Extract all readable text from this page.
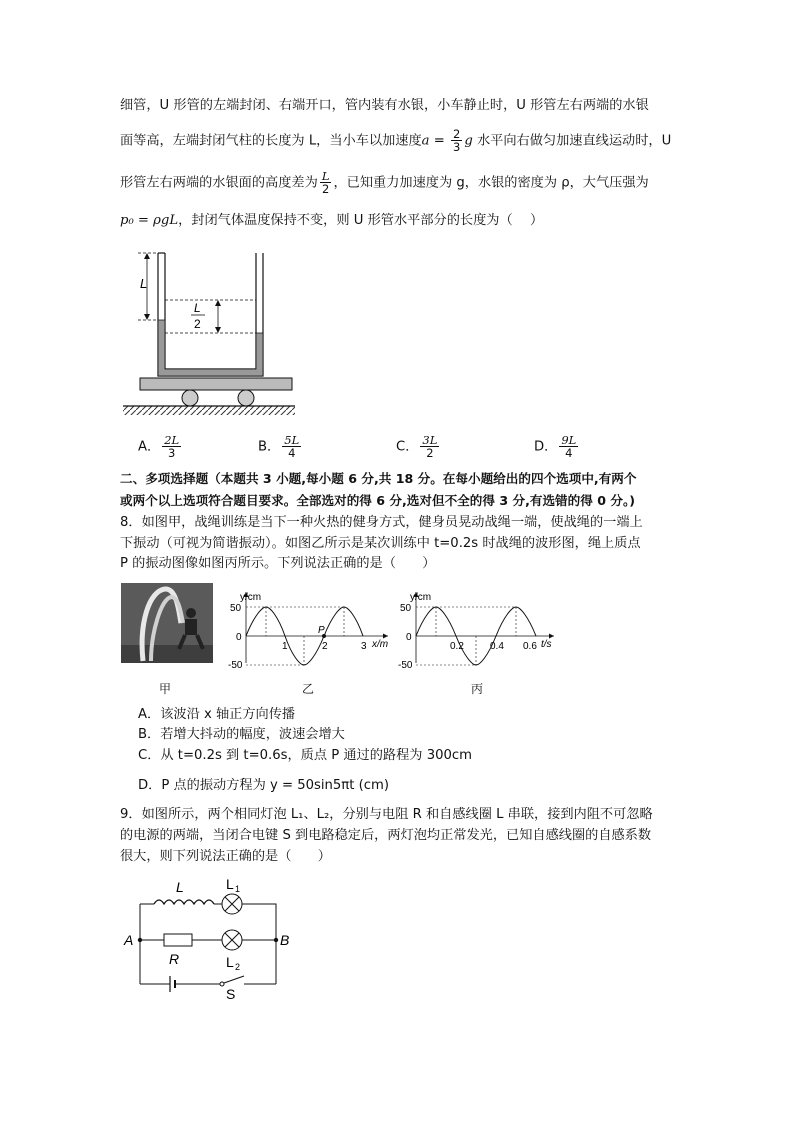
细管，U 形管的左端封闭、右端开口，管内装有水银，小车静止时，U 形管左右两端的水银
面等高，左端封闭气柱的长度为 L，当小车以加速度$a = \frac{2}{3}$ g 水平向右做匀加速直线运动时，U
形管左右两端的水银面的高度差为 $\frac{L}{2}$ ，已知重力加速度为 g，水银的密度为 ρ，大气压强为
p₀ = ρgL，封闭气体温度保持不变，则 U 形管水平部分的长度为（　 ）
L
L
2
A． $\frac{2L}{3}$	B． $\frac{5L}{4}$	C． $\frac{3L}{2}$	D． $\frac{9L}{4}$
二、多项选择题（本题共 3 小题,每小题 6 分,共 18 分。在每小题给出的四个选项中,有两个
或两个以上选项符合题目要求。全部选对的得 6 分,选对但不全的得 3 分,有选错的得 0 分。)
8．如图甲，战绳训练是当下一种火热的健身方式，健身员晃动战绳一端，使战绳的一端上
下振动（可视为简谐振动）。如图乙所示是某次训练中 t=0.2s 时战绳的波形图，绳上质点
P 的振动图像如图丙所示。下列说法正确的是（　　）
甲
y/cm
50
0
-50
1	2	3
P
x/m
乙
y/cm
50
0
-50
0.2	0.4 0.6 t/s
丙
A．该波沿 x 轴正方向传播
B．若增大抖动的幅度，波速会增大
C．从 t=0.2s 到 t=0.6s，质点 P 通过的路程为 300cm
D．P 点的振动方程为 y = 50sin5πt (cm)
9．如图所示，两个相同灯泡 L₁、L₂，分别与电阻 R 和自感线圈 L 串联，接到内阻不可忽略
的电源的两端，当闭合电键 S 到电路稳定后，两灯泡均正常发光，已知自感线圈的自感系数
很大，则下列说法正确的是（　　）
L	L 1
A	B
R	L 2
S
